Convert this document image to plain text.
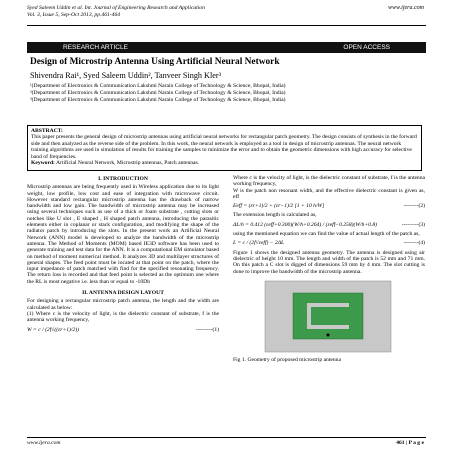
Syed Saleem Uddin et al. Int. Journal of Engineering Research and Application
Vol. 3, Issue 5, Sep-Oct 2013, pp.461-464
www.ijera.com
RESEARCH ARTICLE	OPEN ACCESS
Design of Microstrip Antenna Using Artificial Neural Network
Shivendra Rai¹, Syed Saleem Uddin², Tanveer Singh Kler³
¹(Department of Electronics & Communication Lakshmi Narain College of Technology & Science, Bhopal, India)
²(Department of Electronics & Communication Lakshmi Narain College of Technology & Science, Bhopal, India)
³(Department of Electronics & Communication Lakshmi Narain College of Technology & Science, Bhopal, India)
ABSTRACT:
This paper presents the general design of microstrip antennas using artificial neural networks for rectangular patch geometry. The design consists of synthesis in the forward side and then analyzed as the reverse side of the problem. In this work, the neural network is employed as a tool in design of microstrip antennas. The neural network training algorithms are used in simulation of results for training the samples to minimize the error and to obtain the geometric dimensions with high accuracy for selective band of frequencies.
Keyword: Artificial Neural Network, Microstrip antennas, Patch antennas.
I. INTRODUCTION
Microstrip antennas are being frequently used in Wireless application due to its light weight, low profile, low cost and ease of integration with microwave circuit. However standard rectangular microstrip antenna has the drawback of narrow bandwidth and low gain. The bandwidth of microstrip antenna may be increased using several techniques such as use of a thick or foam substrate , cutting slots or notches like U slot , E shaped , H shaped patch antenna, introducing the parasitic elements either in coplanar or stack configuration, and modifying the shape of the radiator patch by introducing the slots. In the present work an Artificial Neural Network (ANN) model is developed to analyze the bandwidth of the microstrip antenna. The Method of Moments (MOM) based IE3D software has been used to generate training and test data for the ANN. It is a computational EM simulator based on method of moment numerical method. It analyzes 3D and multilayer structures of general shapes. The feed point must be located at that point on the patch, where the input impedance of patch matched with find for the specified resonating frequency. The return loss is recorded and that feed point is selected as the optimum one where the RL is most negative i.e. less than or equal to -10Db
II. ANTENNA DESIGN LAYOUT
For designing a rectangular microstrip patch antenna, the length and the width are calculated as below:
(1) Where c is the velocity of light, is the dielectric constant of substrate, f is the antenna working frequency,
W = c / (2f√((εr+1)/2))	---------(1)
Where c is the velocity of light, is the dielectric constant of substrate, f is the antenna working frequency,
W is the patch non resonant width, and the effective dielectric constant is given as, eff
Eeff = (εr+1)/2 + (εr−1)/2 [1 + 10 h/W]	--------(2)
The extension length is calculated as,
ΔL/h = 0.412 (εeff+0.300)(W/h+0.264) / (εeff−0.258)(W/h+0.8)	---------(3)
using the mentioned equation we can find the value of actual length of the patch as,
L = c / (2f√εeff) − 2ΔL	--------(4)
Figure 1 shows the designed antenna geometry. The antenna is designed using air dielectric of height 10 mm. The length and width of the patch is 52 mm and 71 mm. On this patch a C slot is digged of dimensions 59 mm by 4 mm. The slot cutting is done to improve the bandwidth of the microstrip antenna.
Fig 1. Geometry of proposed microstrip antenna
www.ijera.com	461 | P a g e
